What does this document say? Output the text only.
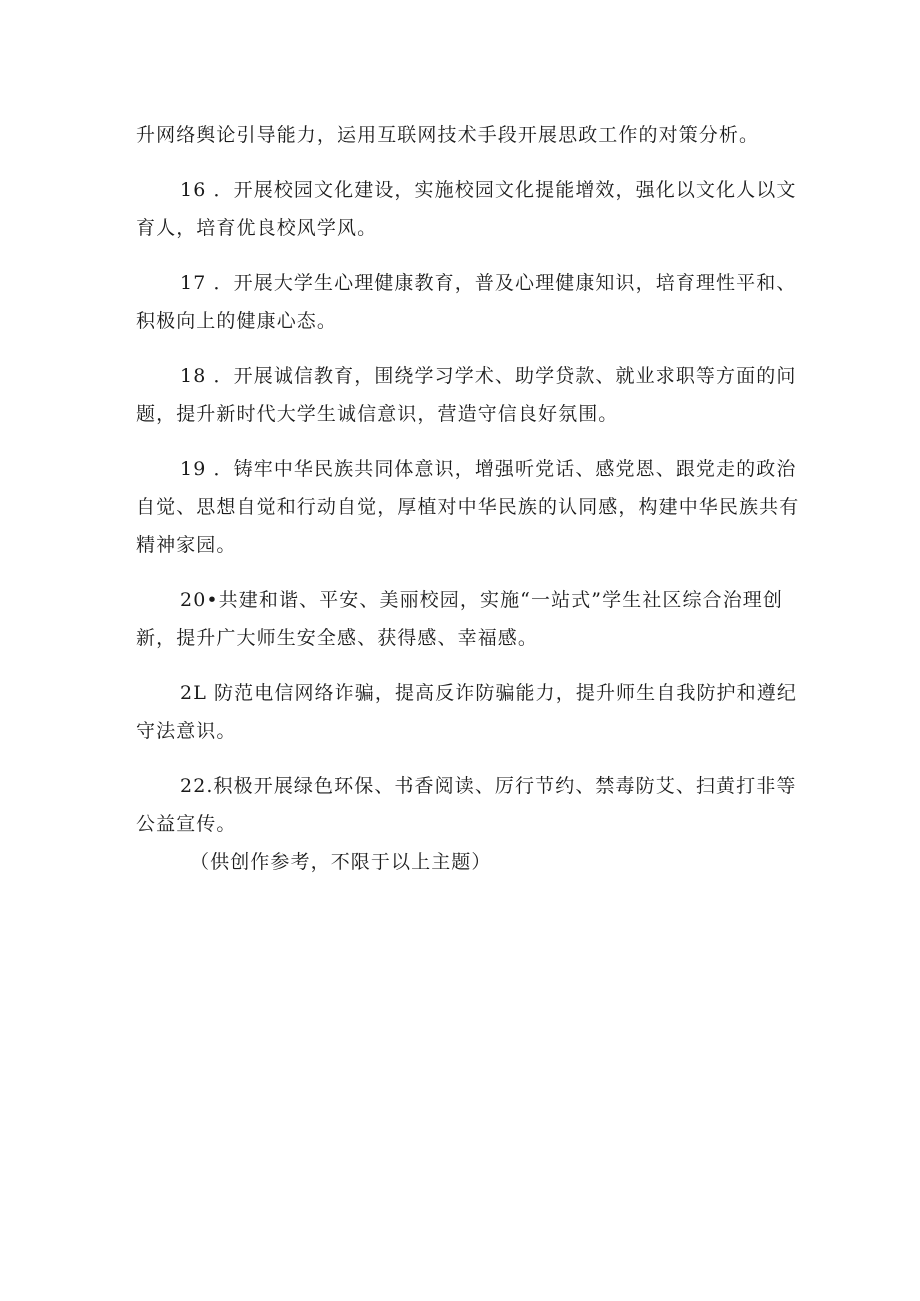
升网络舆论引导能力，运用互联网技术手段开展思政工作的对策分析。

16 ．开展校园文化建设，实施校园文化提能增效，强化以文化人以文
育人，培育优良校风学风。

17 ．开展大学生心理健康教育，普及心理健康知识，培育理性平和、
积极向上的健康心态。

18 ．开展诚信教育，围绕学习学术、助学贷款、就业求职等方面的问
题，提升新时代大学生诚信意识，营造守信良好氛围。

19 ．铸牢中华民族共同体意识，增强听党话、感党恩、跟党走的政治
自觉、思想自觉和行动自觉，厚植对中华民族的认同感，构建中华民族共有
精神家园。

20•共建和谐、平安、美丽校园，实施“一站式”学生社区综合治理创
新，提升广大师生安全感、获得感、幸福感。

2L 防范电信网络诈骗，提高反诈防骗能力，提升师生自我防护和遵纪
守法意识。

22.积极开展绿色环保、书香阅读、厉行节约、禁毒防艾、扫黄打非等
公益宣传。

（供创作参考，不限于以上主题）
